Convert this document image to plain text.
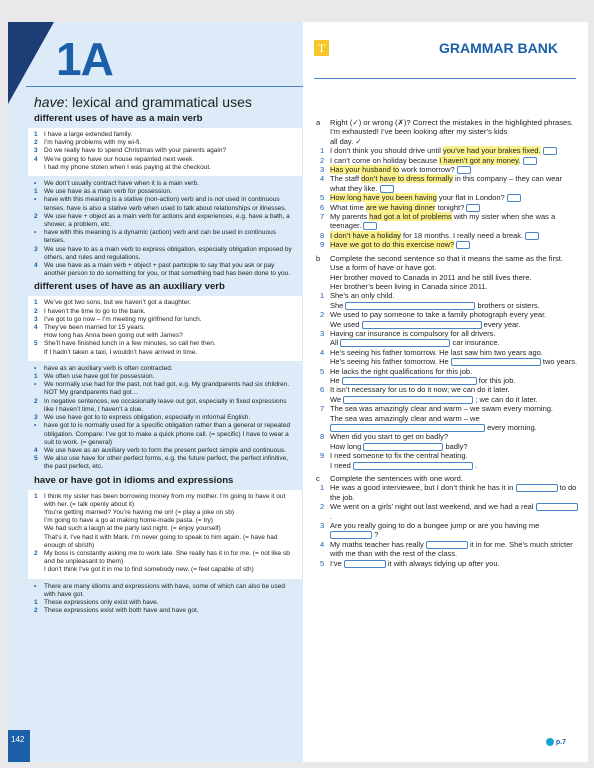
1A
have: lexical and grammatical uses
different uses of have as a main verb
1 I have a large extended family.
2 I’m having problems with my wi-fi.
3 Do we really have to spend Christmas with your parents again?
4 We’re going to have our house repainted next week.
I had my phone stolen when I was paying at the checkout.
•	We don’t usually contract have when it is a main verb.
1 We use have as a main verb for possession.
•	have with this meaning is a stative (non-action) verb and is not used in continuous tenses. have is also a stative verb when used to talk about relationships or illnesses.
2 We use have + object as a main verb for actions and experiences, e.g. have a bath, a shower, a problem, etc.
•	have with this meaning is a dynamic (action) verb and can be used in continuous tenses.
3 We use have to as a main verb to express obligation, especially obligation imposed by others, and rules and regulations.
4 We use have as a main verb + object + past participle to say that you ask or pay another person to do something for you, or that something bad has been done to you.
different uses of have as an auxiliary verb
1 We’ve got two sons, but we haven’t got a daughter.
2 I haven’t the time to go to the bank.
3 I’ve got to go now – I’m meeting my girlfriend for lunch.
4 They’ve been married for 15 years.
How long has Anna been going out with James?
5 She’ll have finished lunch in a few minutes, so call her then.
If I hadn’t taken a taxi, I wouldn’t have arrived in time.
•	have as an auxiliary verb is often contracted.
1 We often use have got for possession.
•	We normally use had for the past, not had got, e.g. My grandparents had six children. NOT My grandparents had got…
2 In negative sentences, we occasionally leave out got, especially in fixed expressions like I haven’t time, I haven’t a clue.
3 We use have got to to express obligation, especially in informal English.
•	have got to is normally used for a specific obligation rather than a general or repeated obligation. Compare: I’ve got to make a quick phone call. (= specific) I have to wear a suit to work. (= general)
4 We use have as an auxiliary verb to form the present perfect simple and continuous.
5 We also use have for other perfect forms, e.g. the future perfect, the perfect infinitive, the past perfect, etc.
have or have got in idioms and expressions
1 I think my sister has been borrowing money from my mother. I’m going to have it out with her. (= talk openly about it)
You’re getting married? You’re having me on! (= play a joke on sb)
I’m going to have a go at making home-made pasta. (= try)
We had such a laugh at the party last night. (= enjoy yourself)
That’s it. I’ve had it with Mark. I’m never going to speak to him again. (= have had enough of sb/sth)
2 My boss is constantly asking me to work late. She really has it in for me. (= not like sb and be unpleasant to them)
I don’t think I’ve got it in me to find somebody new. (= feel capable of sth)
•	There are many idioms and expressions with have, some of which can also be used with have got.
1 These expressions only exist with have.
2 These expressions exist with both have and have got.
142
T	GRAMMAR BANK
a	Right (✓) or wrong (✗)? Correct the mistakes in the highlighted phrases.
I’m exhausted! I’ve been looking after my sister’s kids
all day. ✓
1 I don’t think you should drive until you’ve had your brakes fixed.
2 I can’t come on holiday because I haven’t got any money.
3 Has your husband to work tomorrow?
4 The staff don’t have to dress formally in this company – they can wear what they like.
5 How long have you been having your flat in London?
6 What time are we having dinner tonight?
7 My parents had got a lot of problems with my sister when she was a teenager.
8 I don’t have a holiday for 18 months. I really need a break.
9 Have we got to do this exercise now?
b	Complete the second sentence so that it means the same as the first. Use a form of have or have got.
Her brother moved to Canada in 2011 and he still lives there.
Her brother’s been living in Canada since 2011.
1 She’s an only child.
She	brothers or sisters.
2 We used to pay someone to take a family photograph every year.
We used	every year.
3 Having car insurance is compulsory for all drivers.
All	car insurance.
4 He’s seeing his father tomorrow. He last saw him two years ago.
He’s seeing his father tomorrow. He	two years.
5 He lacks the right qualifications for this job.
He	for this job.
6 It isn’t necessary for us to do it now; we can do it later.
We	; we can do it later.
7 The sea was amazingly clear and warm – we swam every morning.
The sea was amazingly clear and warm – we  every morning.
8 When did you start to get on badly?
How long	badly?
9 I need someone to fix the central heating.
I need	.
c	Complete the sentences with one word.
1 He was a good interviewee, but I don’t think he has it in	to do the job.
2 We went on a girls’ night out last weekend, and we had a real  .
3 Are you really going to do a bungee jump or are you having me  ?
4 My maths teacher has really	it in for me. She’s much stricter with me than with the rest of the class.
5 I’ve	it with always tidying up after you.
p.7
